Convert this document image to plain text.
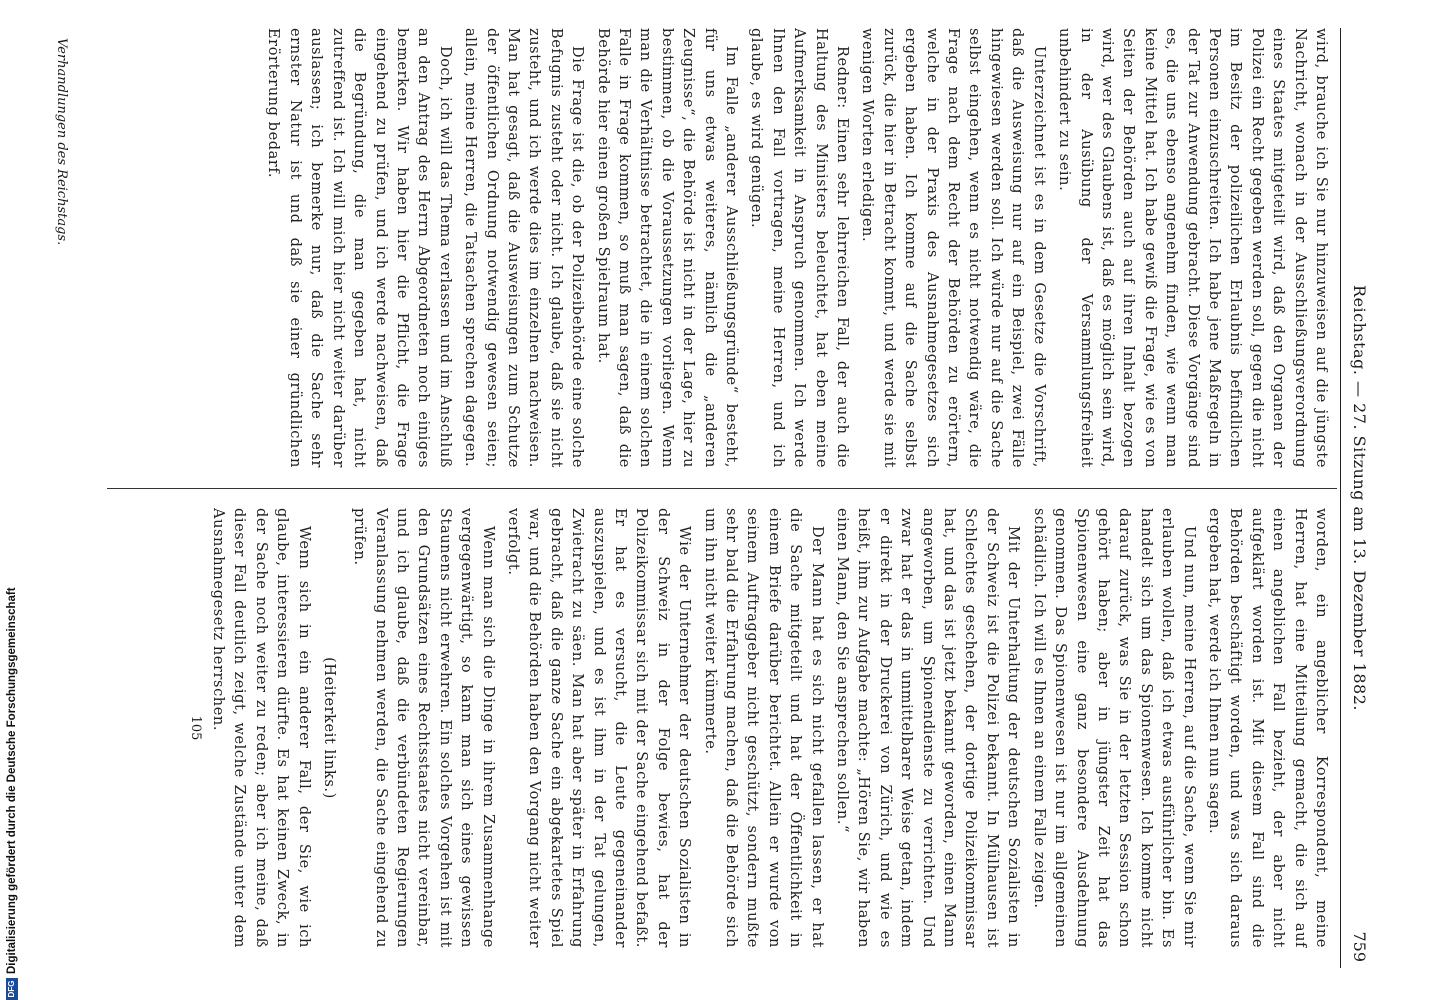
Reichstag. — 27. Sitzung am 13. Dezember 1882.
759

wird, brauche ich Sie nur hinzuweisen auf die jüngste Nachricht, wonach in der Ausschließungsverordnung eines Staates mitgeteilt wird, daß den Organen der Polizei ein Recht gegeben werden soll, gegen die nicht im Besitz der polizeilichen Erlaubnis befindlichen Personen einzuschreiten. Ich habe jene Maßregeln in der Tat zur Anwendung gebracht. Diese Vorgänge sind es, die uns ebenso angenehm finden, wie wenn man keine Mittel hat. Ich habe gewiß die Frage, wie es von Seiten der Behörden auch auf ihren Inhalt bezogen wird, wer des Glaubens ist, daß es möglich sein wird, in der Ausübung der Versammlungsfreiheit unbehindert zu sein.

Unterzeichnet ist es in dem Gesetze die Vorschrift, daß die Ausweisung nur auf ein Beispiel, zwei Fälle hingewiesen werden soll. Ich würde nur auf die Sache selbst eingehen, wenn es nicht notwendig wäre, die Frage nach dem Recht der Behörden zu erörtern, welche in der Praxis des Ausnahmegesetzes sich ergeben haben. Ich komme auf die Sache selbst zurück, die hier in Betracht kommt, und werde sie mit wenigen Worten erledigen.

Redner: Einen sehr lehrreichen Fall, der auch die Haltung des Ministers beleuchtet, hat eben meine Aufmerksamkeit in Anspruch genommen. Ich werde Ihnen den Fall vortragen, meine Herren, und ich glaube, es wird genügen.

Im Falle „anderer Ausschließungsgründe“ besteht, für uns etwas weiteres, nämlich die „anderen Zeugnisse“, die Behörde ist nicht in der Lage, hier zu bestimmen, ob die Voraussetzungen vorliegen. Wenn man die Verhältnisse betrachtet, die in einem solchen Falle in Frage kommen, so muß man sagen, daß die Behörde hier einen großen Spielraum hat.

Die Frage ist die, ob der Polizeibehörde eine solche Befugnis zusteht oder nicht. Ich glaube, daß sie nicht zusteht, und ich werde dies im einzelnen nachweisen. Man hat gesagt, daß die Ausweisungen zum Schutze der öffentlichen Ordnung notwendig gewesen seien; allein, meine Herren, die Tatsachen sprechen dagegen.

Doch, ich will das Thema verlassen und im Anschluß an den Antrag des Herrn Abgeordneten noch einiges bemerken. Wir haben hier die Pflicht, die Frage eingehend zu prüfen, und ich werde nachweisen, daß die Begründung, die man gegeben hat, nicht zutreffend ist. Ich will mich hier nicht weiter darüber auslassen; ich bemerke nur, daß die Sache sehr ernster Natur ist und daß sie einer gründlichen Erörterung bedarf.

worden, ein angeblicher Korrespondent, meine Herren, hat eine Mitteilung gemacht, die sich auf einen angeblichen Fall bezieht, der aber nicht aufgeklärt worden ist. Mit diesem Fall sind die Behörden beschäftigt worden, und was sich daraus ergeben hat, werde ich Ihnen nun sagen.

Und nun, meine Herren, auf die Sache, wenn Sie mir erlauben wollen, daß ich etwas ausführlicher bin. Es handelt sich um das Spionenwesen. Ich komme nicht darauf zurück, was Sie in der letzten Session schon gehört haben; aber in jüngster Zeit hat das Spionenwesen eine ganz besondere Ausdehnung genommen. Das Spionenwesen ist nur im allgemeinen schädlich. Ich will es Ihnen an einem Falle zeigen.

Mit der Unterhaltung der deutschen Sozialisten in der Schweiz ist die Polizei bekannt. In Mülhausen ist Schlechtes geschehen, der dortige Polizeikommissar hat, und das ist jetzt bekannt geworden, einen Mann angeworben, um Spionendienste zu verrichten. Und zwar hat er das in unmittelbarer Weise getan, indem er direkt in der Druckerei von Zürich, und wie es heißt, ihm zur Aufgabe machte: „Hören Sie, wir haben einen Mann, den Sie ansprechen sollen.“

Der Mann hat es sich nicht gefallen lassen, er hat die Sache mitgeteilt und hat der Öffentlichkeit in einem Briefe darüber berichtet. Allein er wurde von seinem Auftraggeber nicht geschützt, sondern mußte sehr bald die Erfahrung machen, daß die Behörde sich um ihn nicht weiter kümmerte.

Wie der Unternehmer der deutschen Sozialisten in der Schweiz in der Folge bewies, hat der Polizeikommissar sich mit der Sache eingehend befaßt. Er hat es versucht, die Leute gegeneinander auszuspielen, und es ist ihm in der Tat gelungen, Zwietracht zu säen. Man hat aber später in Erfahrung gebracht, daß die ganze Sache ein abgekartetes Spiel war, und die Behörden haben den Vorgang nicht weiter verfolgt.

Wenn man sich die Dinge in ihrem Zusammenhange vergegenwärtigt, so kann man sich eines gewissen Staunens nicht erwehren. Ein solches Vorgehen ist mit den Grundsätzen eines Rechtsstaates nicht vereinbar, und ich glaube, daß die verbündeten Regierungen Veranlassung nehmen werden, die Sache eingehend zu prüfen.

(Heiterkeit links.)

Wenn sich in ein anderer Fall, der Sie, wie ich glaube, interessieren dürfte. Es hat keinen Zweck, in der Sache noch weiter zu reden; aber ich meine, daß dieser Fall deutlich zeigt, welche Zustände unter dem Ausnahmegesetz herrschen.

105
Verhandlungen des Reichstags.
DFG
Digitalisierung gefördert durch die Deutsche Forschungsgemeinschaft
